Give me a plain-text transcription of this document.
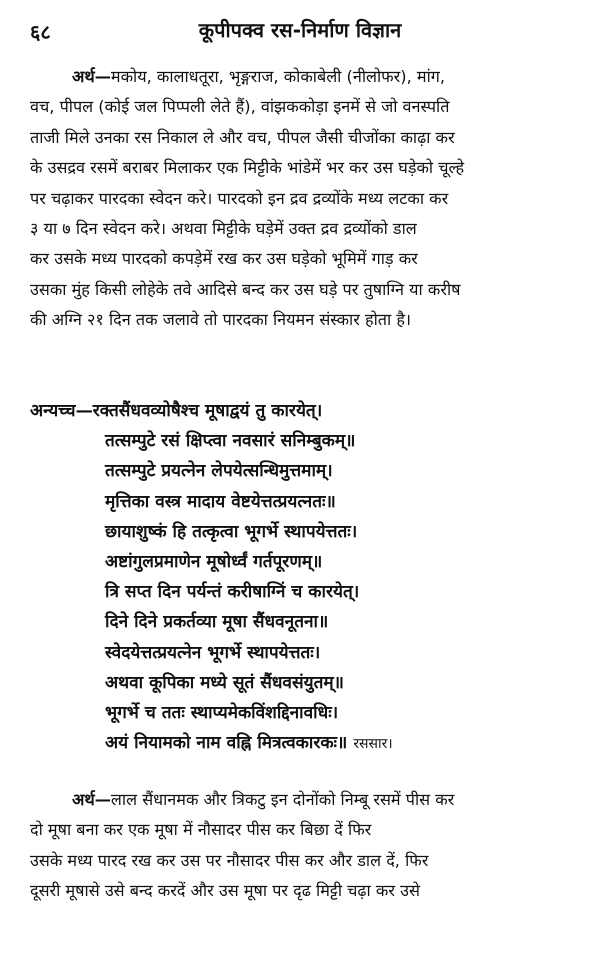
६८	कूपीपक्व रस-निर्माण विज्ञान
अर्थ—मकोय, कालाधतूरा, भृङ्गराज, कोकाबेली (नीलोफर), मांग,
वच, पीपल (कोई जल पिप्पली लेते हैं), वांझककोड़ा इनमें से जो वनस्पति
ताजी मिले उनका रस निकाल ले और वच, पीपल जैसी चीजोंका काढ़ा कर
के उसद्रव रसमें बराबर मिलाकर एक मिट्टीके भांडेमें भर कर उस घड़ेको चूल्हे
पर चढ़ाकर पारदका स्वेदन करे। पारदको इन द्रव द्रव्योंके मध्य लटका कर
३ या ७ दिन स्वेदन करे। अथवा मिट्टीके घड़ेमें उक्त द्रव द्रव्योंको डाल
कर उसके मध्य पारदको कपड़ेमें रख कर उस घड़ेको भूमिमें गाड़ कर
उसका मुंह किसी लोहेके तवे आदिसे बन्द कर उस घड़े पर तुषाग्नि या करीष
की अग्नि २१ दिन तक जलावे तो पारदका नियमन संस्कार होता है।
अन्यच्च—रक्तसैंधवव्योषैश्च मूषाद्वयं तु कारयेत्।
तत्सम्पुटे रसं क्षिप्त्वा नवसारं सनिम्बुकम्॥
तत्सम्पुटे प्रयत्नेन लेपयेत्सन्धिमुत्तमाम्।
मृत्तिका वस्त्र मादाय वेष्टयेत्तत्प्रयत्नतः॥
छायाशुष्कं हि तत्कृत्वा भूगर्भे स्थापयेत्ततः।
अष्टांगुलप्रमाणेन मूषोर्ध्वं गर्तपूरणम्॥
त्रि सप्त दिन पर्यन्तं करीषाग्निं च कारयेत्।
दिने दिने प्रकर्तव्या मूषा सैंधवनूतना॥
स्वेदयेत्तत्प्रयत्नेन भूगर्भे स्थापयेत्ततः।
अथवा कूपिका मध्ये सूतं सैंधवसंयुतम्॥
भूगर्भे च ततः स्थाप्यमेकविंशद्दिनावधिः।
अयं नियामको नाम वह्नि मित्रत्वकारकः॥ रससार।
अर्थ—लाल सैंधानमक और त्रिकटु इन दोनोंको निम्बू रसमें पीस कर
दो मूषा बना कर एक मूषा में नौसादर पीस कर बिछा दें फिर
उसके मध्य पारद रख कर उस पर नौसादर पीस कर और डाल दें, फिर
दूसरी मूषासे उसे बन्द करदें और उस मूषा पर दृढ मिट्टी चढ़ा कर उसे
